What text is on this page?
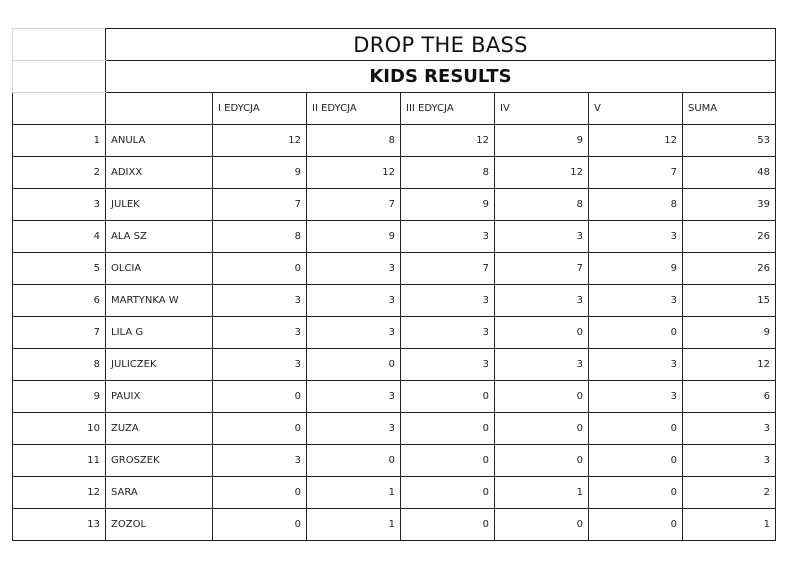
	DROP THE BASS						
	KIDS RESULTS						
		I EDYCJA	II EDYCJA	III EDYCJA	IV	V	SUMA
1	ANULA	12	8	12	9	12	53
2	ADIXX	9	12	8	12	7	48
3	JULEK	7	7	9	8	8	39
4	ALA SZ	8	9	3	3	3	26
5	OLCIA	0	3	7	7	9	26
6	MARTYNKA W	3	3	3	3	3	15
7	LILA G	3	3	3	0	0	9
8	JULICZEK	3	0	3	3	3	12
9	PAUIX	0	3	0	0	3	6
10	ZUZA	0	3	0	0	0	3
11	GROSZEK	3	0	0	0	0	3
12	SARA	0	1	0	1	0	2
13	ZOZOL	0	1	0	0	0	1
